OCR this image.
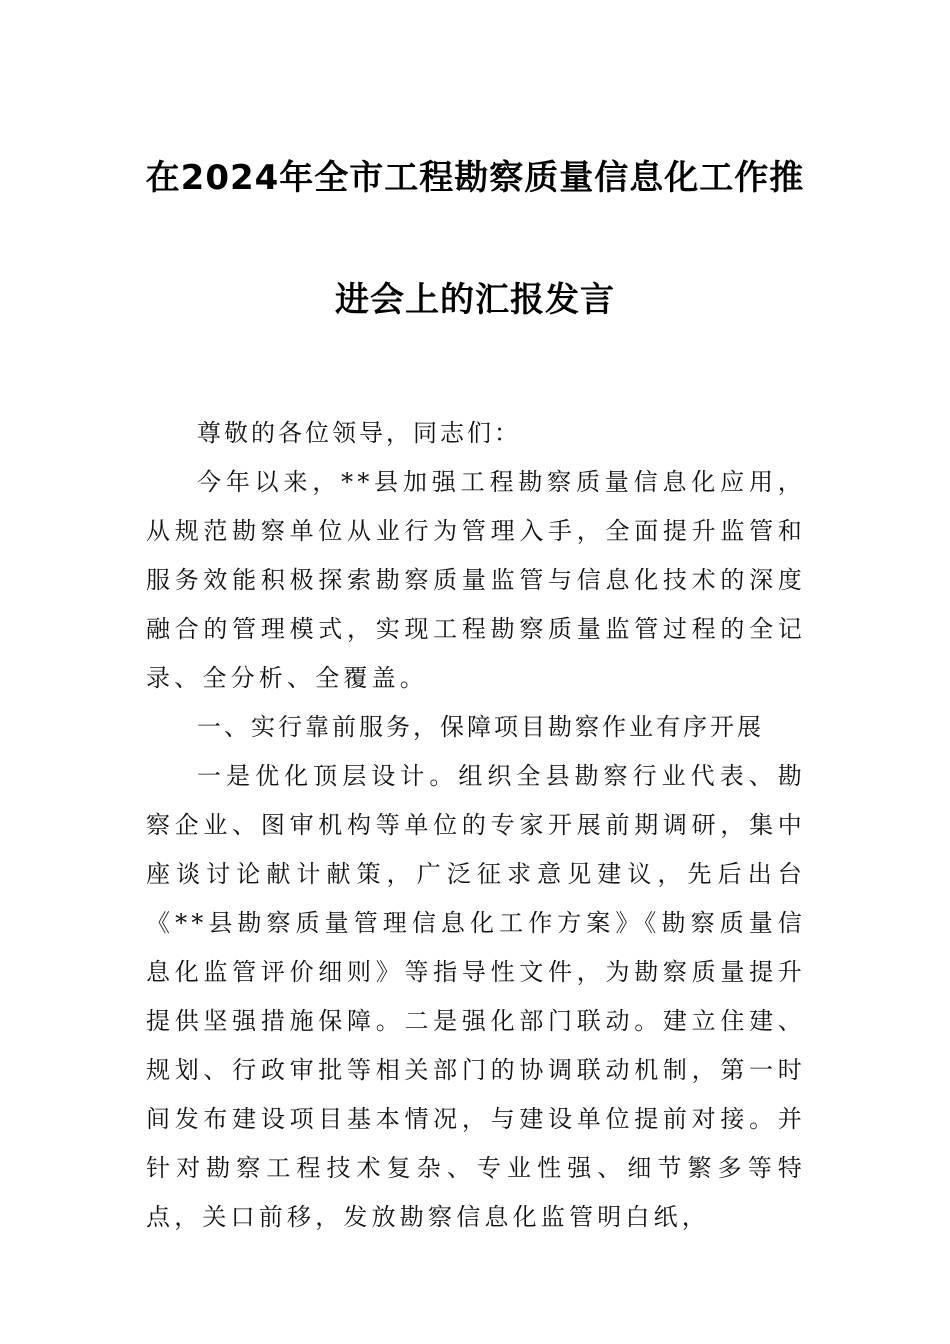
在2024年全市工程勘察质量信息化工作推
进会上的汇报发言

尊敬的各位领导，同志们：

今年以来，**县加强工程勘察质量信息化应用，从规范勘察单位从业行为管理入手，全面提升监管和服务效能积极探索勘察质量监管与信息化技术的深度融合的管理模式，实现工程勘察质量监管过程的全记录、全分析、全覆盖。

一、实行靠前服务，保障项目勘察作业有序开展

一是优化顶层设计。组织全县勘察行业代表、勘察企业、图审机构等单位的专家开展前期调研，集中座谈讨论献计献策，广泛征求意见建议，先后出台《**县勘察质量管理信息化工作方案》《勘察质量信息化监管评价细则》等指导性文件，为勘察质量提升提供坚强措施保障。二是强化部门联动。建立住建、规划、行政审批等相关部门的协调联动机制，第一时间发布建设项目基本情况，与建设单位提前对接。并针对勘察工程技术复杂、专业性强、细节繁多等特点，关口前移，发放勘察信息化监管明白纸，
